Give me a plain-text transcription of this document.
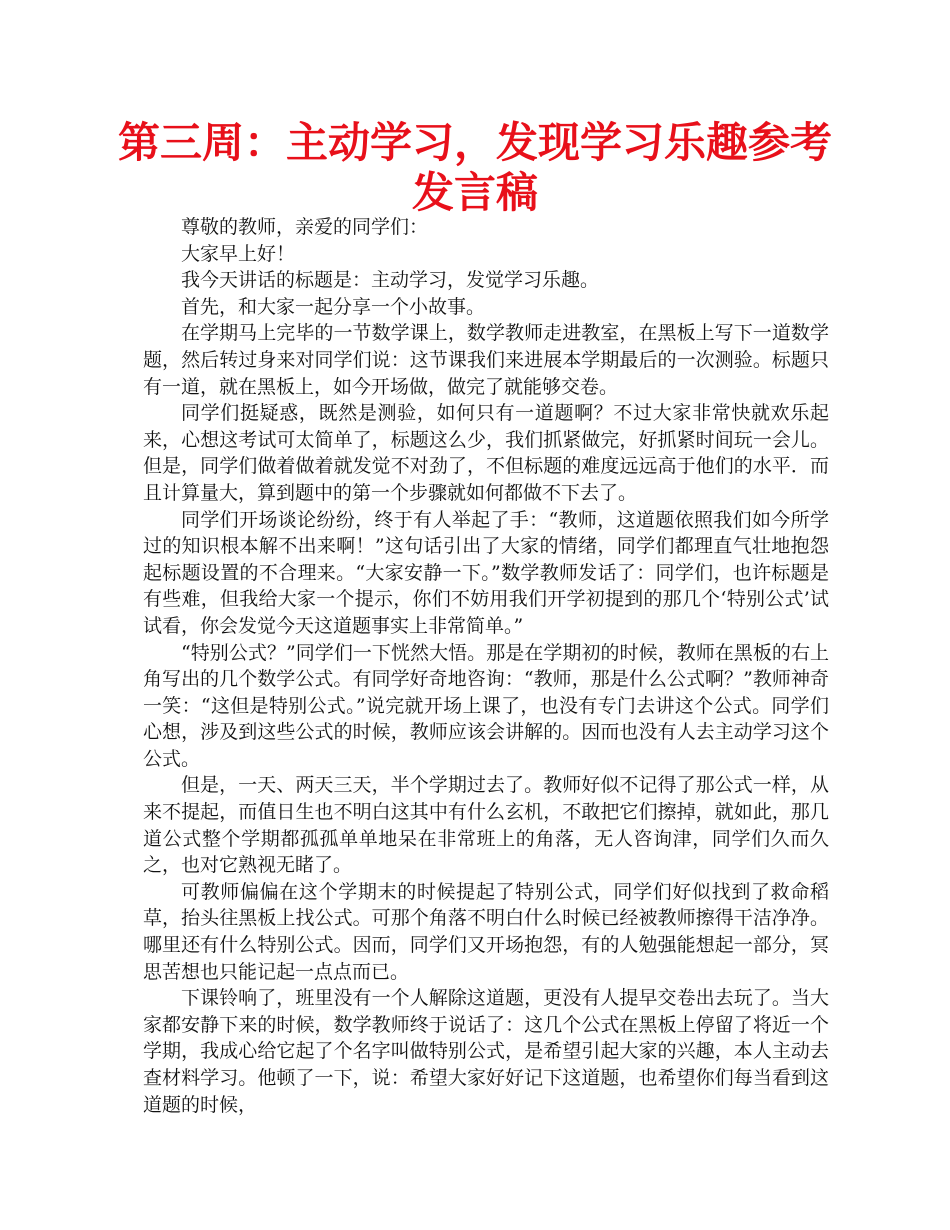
第三周：主动学习，发现学习乐趣参考发言稿

尊敬的教师，亲爱的同学们：

大家早上好！

我今天讲话的标题是：主动学习，发觉学习乐趣。

首先，和大家一起分享一个小故事。

在学期马上完毕的一节数学课上，数学教师走进教室，在黑板上写下一道数学题，然后转过身来对同学们说：这节课我们来进展本学期最后的一次测验。标题只有一道，就在黑板上，如今开场做，做完了就能够交卷。

同学们挺疑惑，既然是测验，如何只有一道题啊？不过大家非常快就欢乐起来，心想这考试可太简单了，标题这么少，我们抓紧做完，好抓紧时间玩一会儿。但是，同学们做着做着就发觉不对劲了，不但标题的难度远远高于他们的水平．而且计算量大，算到题中的第一个步骤就如何都做不下去了。

同学们开场谈论纷纷，终于有人举起了手：“教师，这道题依照我们如今所学过的知识根本解不出来啊！”这句话引出了大家的情绪，同学们都理直气壮地抱怨起标题设置的不合理来。“大家安静一下。”数学教师发话了：同学们，也许标题是有些难，但我给大家一个提示，你们不妨用我们开学初提到的那几个‘特别公式’试试看，你会发觉今天这道题事实上非常简单。”

“特别公式？”同学们一下恍然大悟。那是在学期初的时候，教师在黑板的右上角写出的几个数学公式。有同学好奇地咨询：“教师，那是什么公式啊？”教师神奇一笑：“这但是特别公式。”说完就开场上课了，也没有专门去讲这个公式。同学们心想，涉及到这些公式的时候，教师应该会讲解的。因而也没有人去主动学习这个公式。

但是，一天、两天三天，半个学期过去了。教师好似不记得了那公式一样，从来不提起，而值日生也不明白这其中有什么玄机，不敢把它们擦掉，就如此，那几道公式整个学期都孤孤单单地呆在非常班上的角落，无人咨询津，同学们久而久之，也对它熟视无睹了。

可教师偏偏在这个学期末的时候提起了特别公式，同学们好似找到了救命稻草，抬头往黑板上找公式。可那个角落不明白什么时候已经被教师擦得干洁净净。哪里还有什么特别公式。因而，同学们又开场抱怨，有的人勉强能想起一部分，冥思苦想也只能记起一点点而已。

下课铃响了，班里没有一个人解除这道题，更没有人提早交卷出去玩了。当大家都安静下来的时候，数学教师终于说话了：这几个公式在黑板上停留了将近一个学期，我成心给它起了个名字叫做特别公式，是希望引起大家的兴趣，本人主动去查材料学习。他顿了一下，说：希望大家好好记下这道题，也希望你们每当看到这道题的时候，
